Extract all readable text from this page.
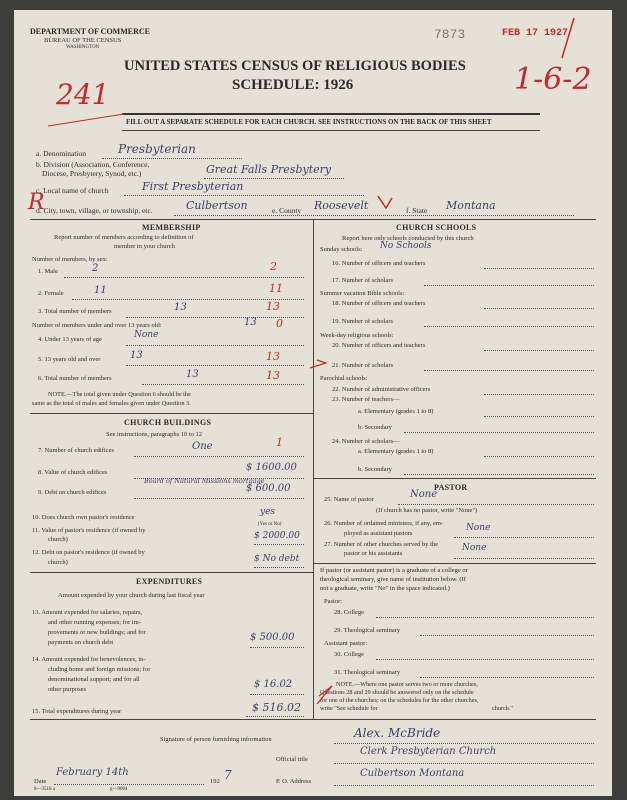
DEPARTMENT OF COMMERCE
BUREAU OF THE CENSUS
WASHINGTON
7873	FEB 17 1927
UNITED STATES CENSUS OF RELIGIOUS BODIES
SCHEDULE: 1926
241	1-6-2
R
FILL OUT A SEPARATE SCHEDULE FOR EACH CHURCH. SEE INSTRUCTIONS ON THE BACK OF THIS SHEET
a. Denomination	Presbyterian
b. Division (Association, Conference,
Diocese, Presbytery, Synod, etc.)	Great Falls Presbytery
c. Local name of church	First Presbyterian
d. City, town, village, or township, etc.	Culbertson	e. County Roosevelt	f. State Montana
MEMBERSHIP
Report number of members according to definition of
member in your church
Number of members, by sex:
1. Male	2	2
2. Female	11	11
3. Total number of members	13	13
Number of members under and over 13 years old:	13 0
4. Under 13 years of age	None
5. 13 years old and over	13	13
6. Total number of members	13	13
NOTE.—The total given under Question 6 should be the
same as the total of males and females given under Question 3.
CHURCH BUILDINGS
See instructions, paragraphs 10 to 12
7. Number of church edifices	One	1
8. Value of church edifices	$ 1600.00
9. Debt on church edifices
Board of Natural Missions mortgage
$ 600.00
10. Does church own pastor's residence
yes
(Yes or No)
11. Value of pastor's residence (if owned by
church)	$ 2000.00
12. Debt on pastor's residence (if owned by
church)	$ No debt
EXPENDITURES
Amount expended by your church during last fiscal year
13. Amount expended for salaries, repairs,
and other running expenses; for im-
provements or new buildings; and for
payments on church debt	$ 500.00
14. Amount expended for benevolences, in-
cluding home and foreign missions; for
denominational support; and for all
other purposes	$ 16.02
15. Total expenditures during year	$ 516.02
CHURCH SCHOOLS
Report here only schools conducted by this church
Sunday schools: No Schools
16. Number of officers and teachers
17. Number of scholars
Summer vacation Bible schools:
18. Number of officers and teachers
19. Number of scholars
Week-day religious schools:
20. Number of officers and teachers
21. Number of scholars
Parochial schools:
22. Number of administrative officers
23. Number of teachers—
a. Elementary (grades 1 to 8)
b. Secondary
24. Number of scholars—
a. Elementary (grades 1 to 8)
b. Secondary
PASTOR
25. Name of pastor	None
(If church has no pastor, write "None")
26. Number of ordained ministers, if any, em-
ployed as assistant pastors
None
27. Number of other churches served by the
pastor or his assistants
None
If pastor (or assistant pastor) is a graduate of a college or
theological seminary, give name of institution below. (If
not a graduate, write "No" in the space indicated.)
Pastor:
28. College
29. Theological seminary
Assistant pastor:
30. College
31. Theological seminary
NOTE.—Where one pastor serves two or more churches,
Questions 28 and 29 should be answered only on the schedule
for one of the churches; on the schedules for the other churches,
write "See schedule for	church."
Signature of person furnishing information	Alex. McBride
Official title
Clerk Presbyterian Church
Date
February 14th
192 7
8—3518 a	g—9004
P. O. Address
Culbertson Montana
